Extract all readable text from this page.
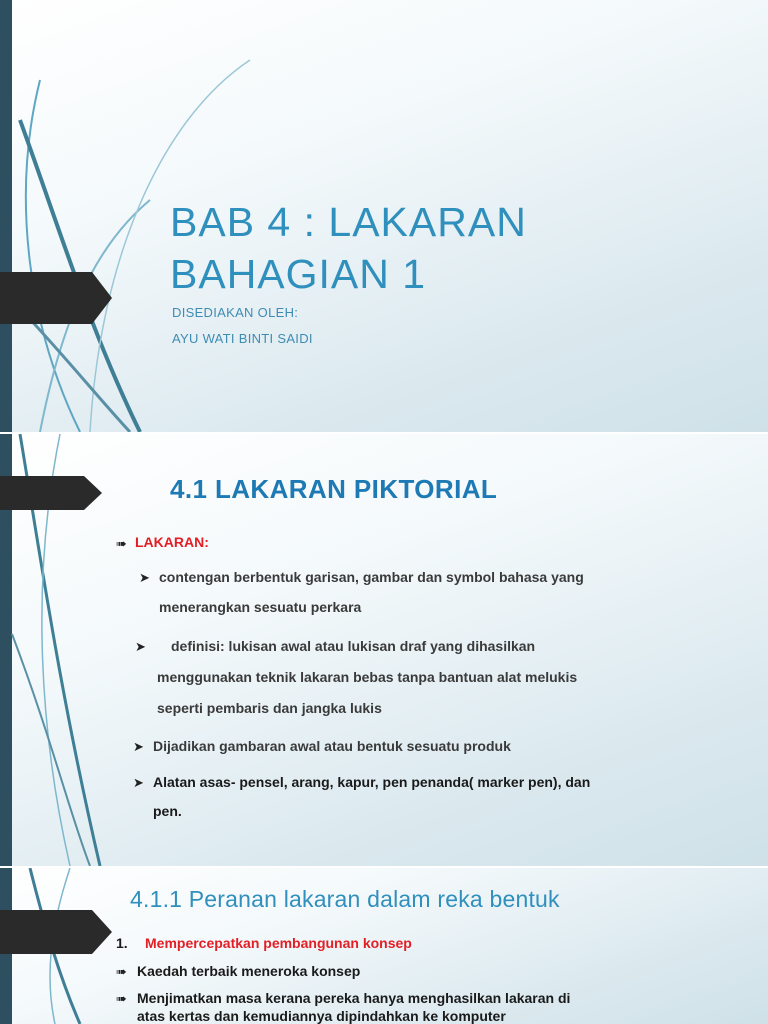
BAB 4 : LAKARAN
BAHAGIAN 1
DISEDIAKAN OLEH:
AYU WATI BINTI SAIDI
4.1 LAKARAN PIKTORIAL
➠ LAKARAN:
➤ contengan berbentuk garisan, gambar dan symbol bahasa yang
menerangkan sesuatu perkara
➤ definisi: lukisan awal atau lukisan draf yang dihasilkan
menggunakan teknik lakaran bebas tanpa bantuan alat melukis
seperti pembaris dan jangka lukis
➤ Dijadikan gambaran awal atau bentuk sesuatu produk
➤ Alatan asas- pensel, arang, kapur, pen penanda( marker pen), dan
pen.
4.1.1 Peranan lakaran dalam reka bentuk
1. Mempercepatkan pembangunan konsep
➠ Kaedah terbaik meneroka konsep
➠ Menjimatkan masa kerana pereka hanya menghasilkan lakaran di
atas kertas dan kemudiannya dipindahkan ke komputer
